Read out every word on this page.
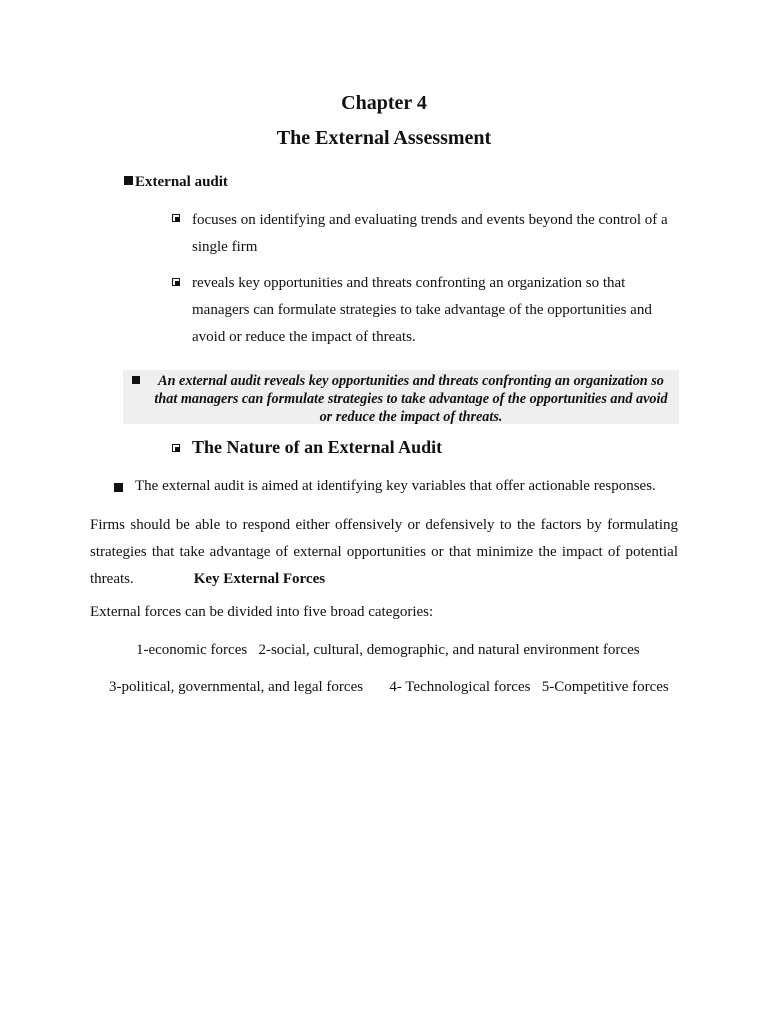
Chapter 4
The External Assessment
External audit
focuses on identifying and evaluating trends and events beyond the control of a single firm
reveals key opportunities and threats confronting an organization so that managers can formulate strategies to take advantage of the opportunities and avoid or reduce the impact of threats.
An external audit reveals key opportunities and threats confronting an organization so that managers can formulate strategies to take advantage of the opportunities and avoid or reduce the impact of threats.
The Nature of an External Audit
The external audit is aimed at identifying key variables that offer actionable responses.
Firms should be able to respond either offensively or defensively to the factors by formulating strategies that take advantage of external opportunities or that minimize the impact of potential threats.	Key External Forces
External forces can be divided into five broad categories:
1-economic forces 2-social, cultural, demographic, and natural environment forces
3-political, governmental, and legal forces 4- Technological forces 5-Competitive forces
